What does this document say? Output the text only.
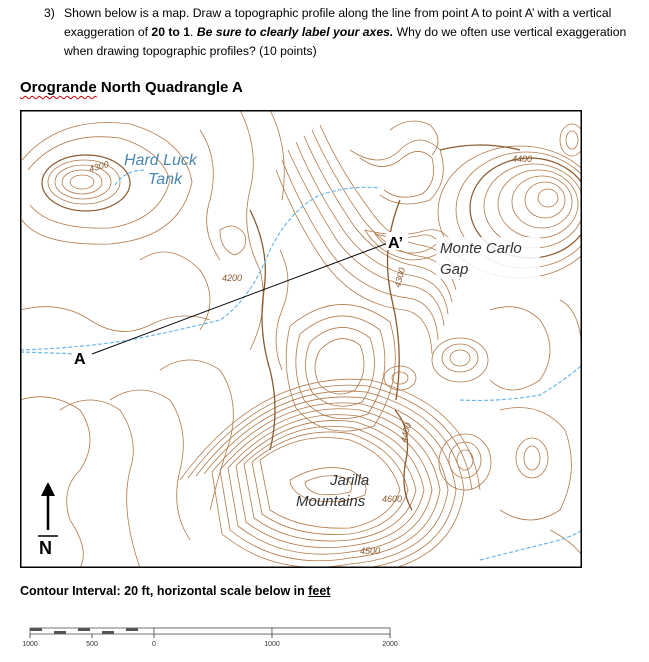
3) Shown below is a map. Draw a topographic profile along the line from point A to point A’ with a vertical exaggeration of 20 to 1. Be sure to clearly label your axes. Why do we often use vertical exaggeration when drawing topographic profiles? (10 points)
Orogrande North Quadrangle A
4300
4400
4200	4300
4400
4600
4500
Hard Luck
Tank
Monte Carlo
Gap
Jarilla
Mountains
A
A’
N
Contour Interval: 20 ft, horizontal scale below in feet
1000	500	0	1000	2000
